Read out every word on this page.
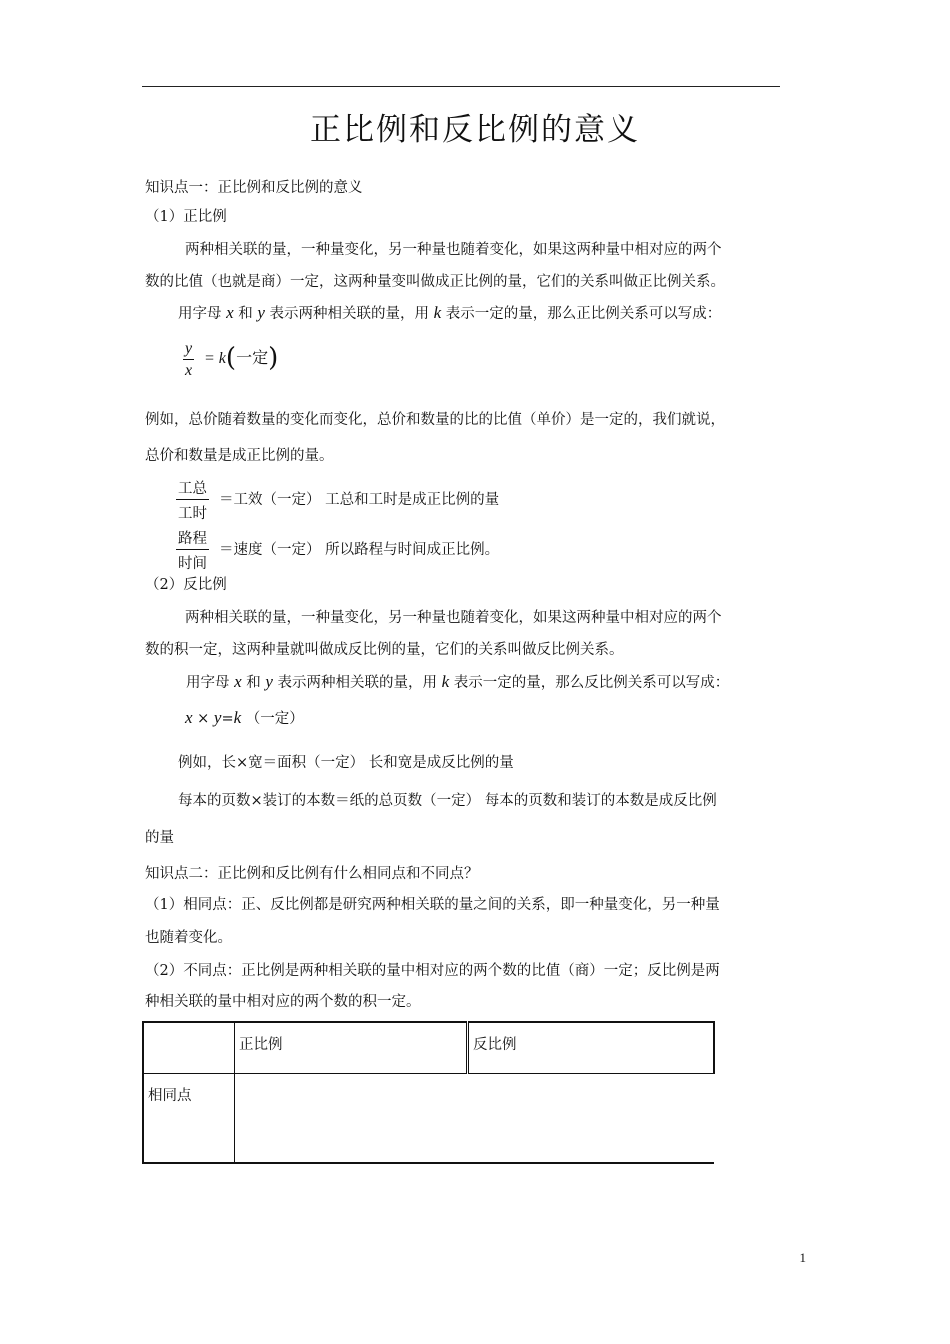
正比例和反比例的意义
知识点一：正比例和反比例的意义
（1）正比例
两种相关联的量，一种量变化，另一种量也随着变化，如果这两种量中相对应的两个
数的比值（也就是商）一定，这两种量变叫做成正比例的量，它们的关系叫做正比例关系。
用字母 x 和 y 表示两种相关联的量，用 k 表示一定的量，那么正比例关系可以写成：
$\frac{y}{x} = k$(一定)
例如，总价随着数量的变化而变化，总价和数量的比的比值（单价）是一定的，我们就说，
总价和数量是成正比例的量。
工总
工时
＝工效（一定） 工总和工时是成正比例的量
路程
时间
＝速度（一定） 所以路程与时间成正比例。
（2）反比例
两种相关联的量，一种量变化，另一种量也随着变化，如果这两种量中相对应的两个
数的积一定，这两种量就叫做成反比例的量，它们的关系叫做反比例关系。
用字母 x 和 y 表示两种相关联的量，用 k 表示一定的量，那么反比例关系可以写成：
x × y=k （一定）
例如，长×宽＝面积（一定） 长和宽是成反比例的量
每本的页数×装订的本数＝纸的总页数（一定） 每本的页数和装订的本数是成反比例
的量
知识点二：正比例和反比例有什么相同点和不同点？
（1）相同点：正、反比例都是研究两种相关联的量之间的关系，即一种量变化，另一种量
也随着变化。
（2）不同点：正比例是两种相关联的量中相对应的两个数的比值（商）一定；反比例是两
种相关联的量中相对应的两个数的积一定。
	正比例	反比例
相同点		
1
